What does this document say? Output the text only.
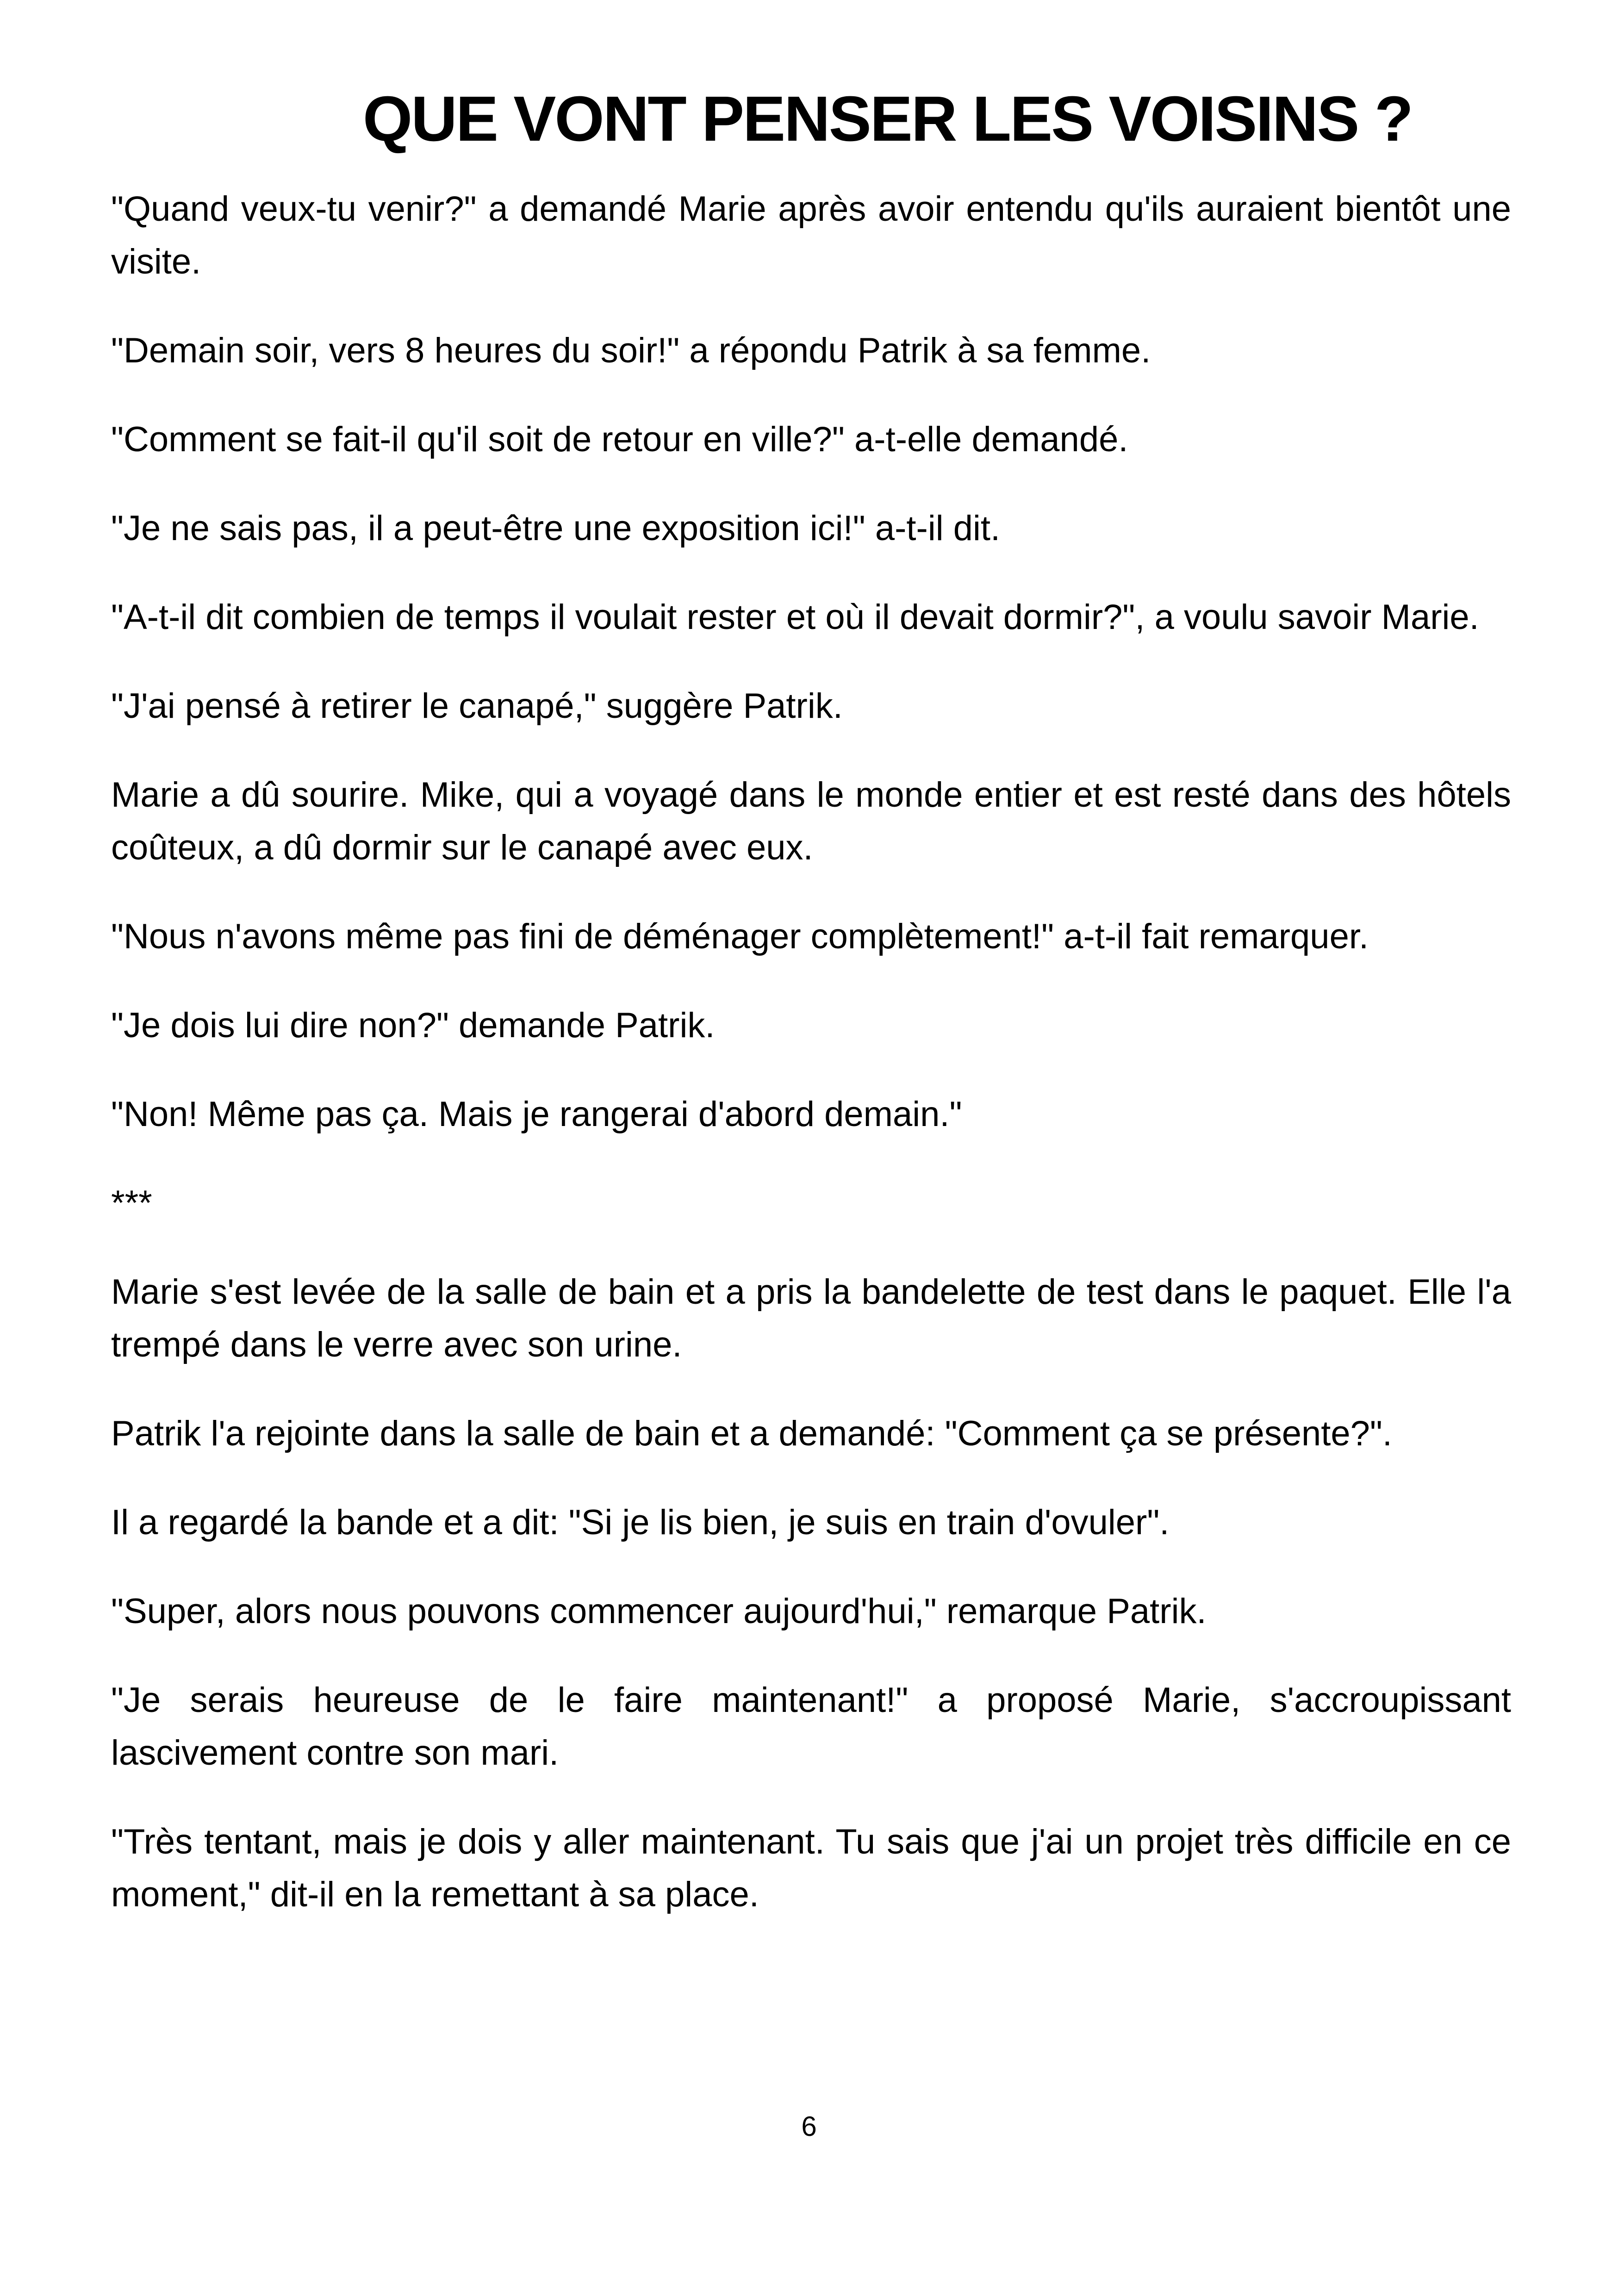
QUE VONT PENSER LES VOISINS ?

"Quand veux-tu venir?" a demandé Marie après avoir entendu qu'ils auraient bientôt une visite.

"Demain soir, vers 8 heures du soir!" a répondu Patrik à sa femme.

"Comment se fait-il qu'il soit de retour en ville?" a-t-elle demandé.

"Je ne sais pas, il a peut-être une exposition ici!" a-t-il dit.

"A-t-il dit combien de temps il voulait rester et où il devait dormir?", a voulu savoir Marie.

"J'ai pensé à retirer le canapé," suggère Patrik.

Marie a dû sourire. Mike, qui a voyagé dans le monde entier et est resté dans des hôtels coûteux, a dû dormir sur le canapé avec eux.

"Nous n'avons même pas fini de déménager complètement!" a-t-il fait remarquer.

"Je dois lui dire non?" demande Patrik.

"Non! Même pas ça. Mais je rangerai d'abord demain."

***

Marie s'est levée de la salle de bain et a pris la bandelette de test dans le paquet. Elle l'a trempé dans le verre avec son urine.

Patrik l'a rejointe dans la salle de bain et a demandé: "Comment ça se présente?".

Il a regardé la bande et a dit: "Si je lis bien, je suis en train d'ovuler".

"Super, alors nous pouvons commencer aujourd'hui," remarque Patrik.

"Je serais heureuse de le faire maintenant!" a proposé Marie, s'accroupissant lascivement contre son mari.

"Très tentant, mais je dois y aller maintenant. Tu sais que j'ai un projet très difficile en ce moment," dit-il en la remettant à sa place.

6
